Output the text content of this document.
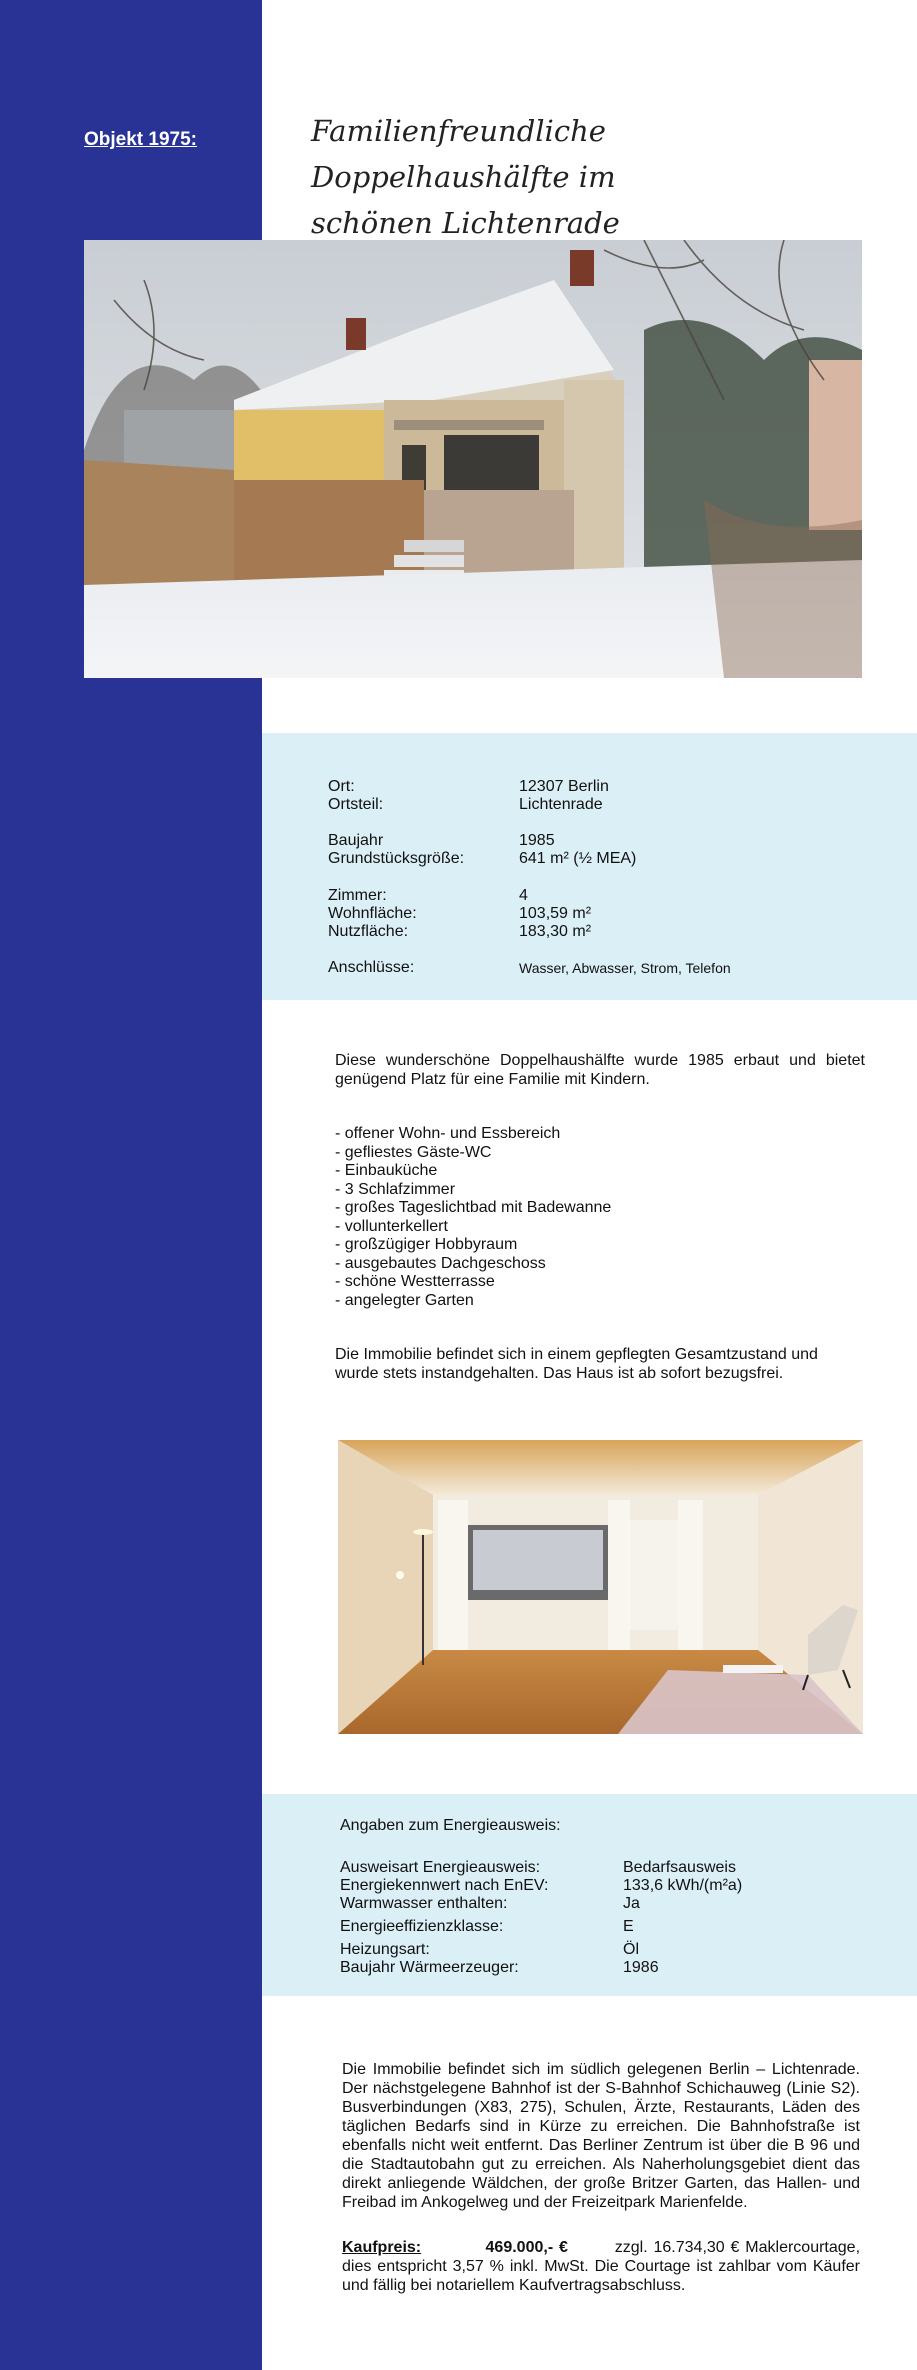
Objekt 1975:	Familienfreundliche Doppelhaushälfte im
schönen Lichtenrade
Ort:	12307 Berlin
Ortsteil:	Lichtenrade
Baujahr	1985
Grundstücksgröße:	641 m² (½ MEA)
Zimmer:	4
Wohnfläche:	103,59 m²
Nutzfläche:	183,30 m²
Anschlüsse:	Wasser, Abwasser, Strom, Telefon
Diese wunderschöne Doppelhaushälfte wurde 1985 erbaut und bietet genügend Platz für eine Familie mit Kindern.
- offener Wohn- und Essbereich
- gefliestes Gäste-WC
- Einbauküche
- 3 Schlafzimmer
- großes Tageslichtbad mit Badewanne
- vollunterkellert
- großzügiger Hobbyraum
- ausgebautes Dachgeschoss
- schöne Westterrasse
- angelegter Garten
Die Immobilie befindet sich in einem gepflegten Gesamtzustand und wurde stets instandgehalten. Das Haus ist ab sofort bezugsfrei.
Angaben zum Energieausweis:
Ausweisart Energieausweis:	Bedarfsausweis
Energiekennwert nach EnEV:	133,6 kWh/(m²a)
Warmwasser enthalten:	Ja
Energieeffizienzklasse:	E
Heizungsart:	Öl
Baujahr Wärmeerzeuger:	1986
Die Immobilie befindet sich im südlich gelegenen Berlin – Lichtenrade. Der nächstgelegene Bahnhof ist der S-Bahnhof Schichauweg (Linie S2). Busverbindungen (X83, 275), Schulen, Ärzte, Restaurants, Läden des täglichen Bedarfs sind in Kürze zu erreichen. Die Bahnhofstraße ist ebenfalls nicht weit entfernt. Das Berliner Zentrum ist über die B 96 und die Stadtautobahn gut zu erreichen. Als Naherholungsgebiet dient das direkt anliegende Wäldchen, der große Britzer Garten, das Hallen- und Freibad im Ankogelweg und der Freizeitpark Marienfelde.
Kaufpreis:	469.000,- €	zzgl. 16.734,30 € Maklercourtage, dies entspricht 3,57 % inkl. MwSt. Die Courtage ist zahlbar vom Käufer und fällig bei notariellem Kaufvertragsabschluss.
